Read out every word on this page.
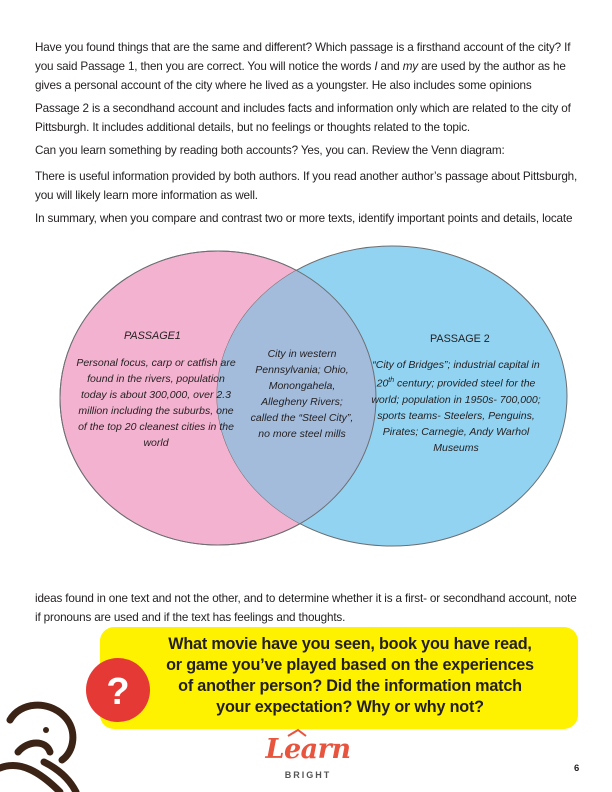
Have you found things that are the same and different? Which passage is a firsthand account of the city? If you said Passage 1, then you are correct. You will notice the words I and my are used by the author as he gives a personal account of the city where he lived as a youngster. He also includes some opinions

Passage 2 is a secondhand account and includes facts and information only which are related to the city of Pittsburgh. It includes additional details, but no feelings or thoughts related to the topic.

Can you learn something by reading both accounts? Yes, you can. Review the Venn diagram:

There is useful information provided by both authors. If you read another author’s passage about Pittsburgh, you will likely learn more information as well.

In summary, when you compare and contrast two or more texts, identify important points and details, locate

PASSAGE1
Personal focus, carp or catfish are found in the rivers, population today is about 300,000, over 2.3 million including the suburbs, one of the top 20 cleanest cities in the world
City in western Pennsylvania; Ohio, Monongahela, Allegheny Rivers; called the “Steel City”, no more steel mills
PASSAGE 2
“City of Bridges”; industrial capital in 20th century; provided steel for the world; population in 1950s- 700,000; sports teams- Steelers, Penguins, Pirates; Carnegie, Andy Warhol Museums

ideas found in one text and not the other, and to determine whether it is a first- or secondhand account, note if pronouns are used and if the text has feelings and thoughts.

What movie have you seen, book you have read, or game you’ve played based on the experiences of another person? Did the information match your expectation? Why or why not?
?
Learn
BRIGHT
6
